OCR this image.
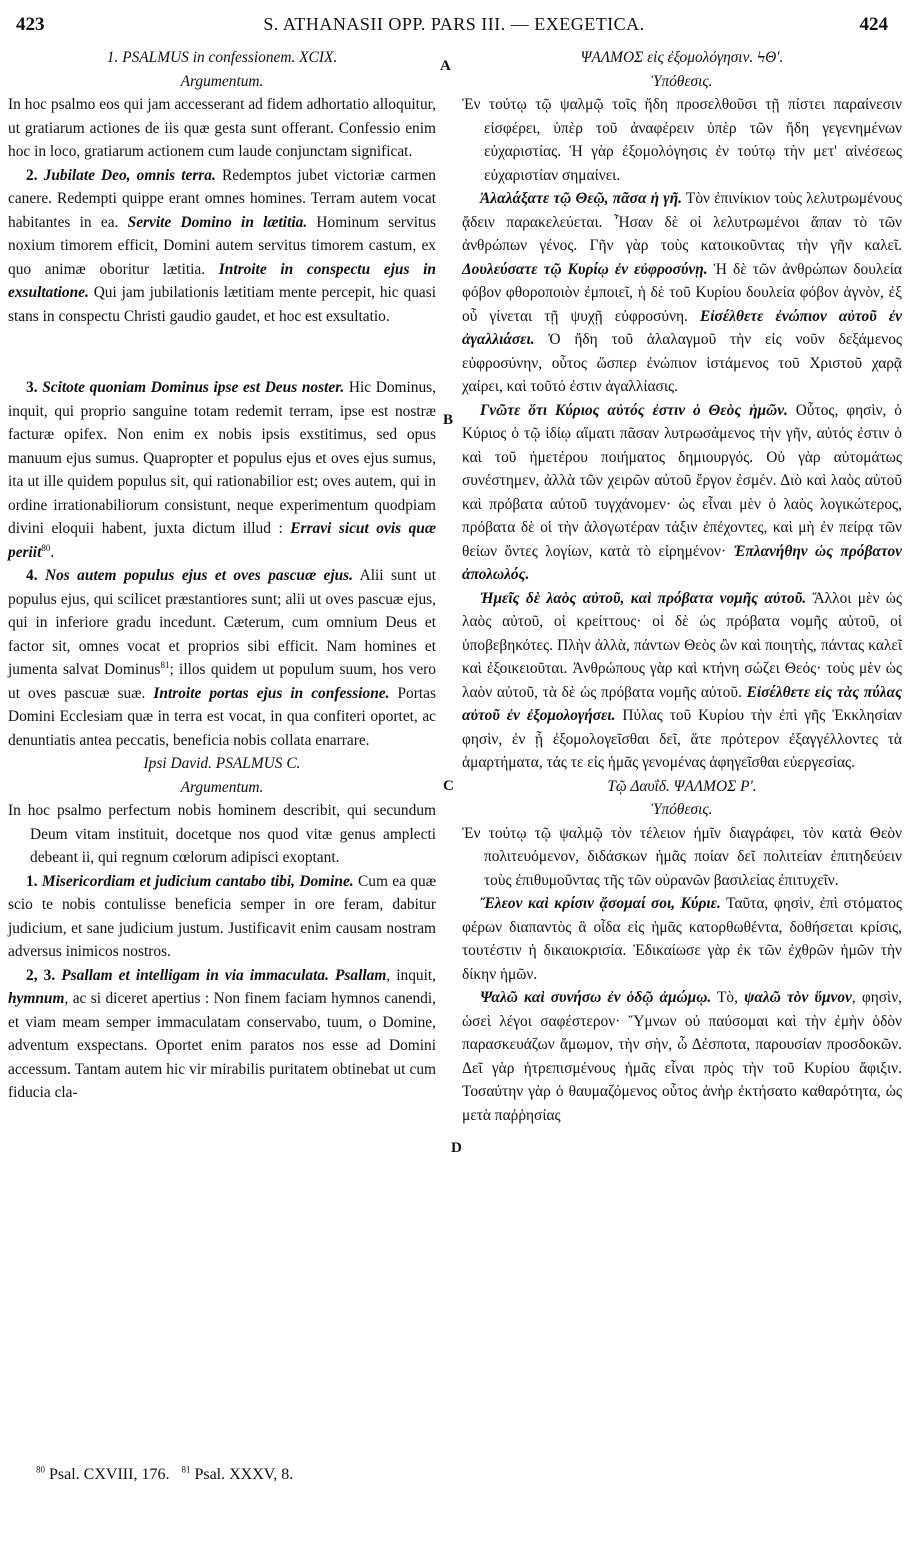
423	S. ATHANASII OPP. PARS III. — EXEGETICA.	424
A
B
C
D

1. PSALMUS in confessionem. XCIX.

Argumentum.

In hoc psalmo eos qui jam accesserant ad fidem adhortatio alloquitur, ut gratiarum actiones de iis quæ gesta sunt offerant. Confessio enim hoc in loco, gratiarum actionem cum laude conjunctam significat.

2. Jubilate Deo, omnis terra. Redemptos jubet victoriæ carmen canere. Redempti quippe erant omnes homines. Terram autem vocat habitantes in ea. Servite Domino in lætitia. Hominum servitus noxium timorem efficit, Domini autem servitus timorem castum, ex quo animæ oboritur lætitia. Introite in conspectu ejus in exsultatione. Qui jam jubilationis lætitiam mente percepit, hic quasi stans in conspectu Christi gaudio gaudet, et hoc est exsultatio.

3. Scitote quoniam Dominus ipse est Deus noster. Hic Dominus, inquit, qui proprio sanguine totam redemit terram, ipse est nostræ facturæ opifex. Non enim ex nobis ipsis exstitimus, sed opus manuum ejus sumus. Quapropter et populus ejus et oves ejus sumus, ita ut ille quidem populus sit, qui rationabilior est; oves autem, qui in ordine irrationabiliorum consistunt, neque experimentum quodpiam divini eloquii habent, juxta dictum illud : Erravi sicut ovis quæ periit$^{80}$.

4. Nos autem populus ejus et oves pascuæ ejus. Alii sunt ut populus ejus, qui scilicet præstantiores sunt; alii ut oves pascuæ ejus, qui in inferiore gradu incedunt. Cæterum, cum omnium Deus et factor sit, omnes vocat et proprios sibi efficit. Nam homines et jumenta salvat Dominus$^{81}$; illos quidem ut populum suum, hos vero ut oves pascuæ suæ. Introite portas ejus in confessione. Portas Domini Ecclesiam quæ in terra est vocat, in qua confiteri oportet, ac denuntiatis antea peccatis, beneficia nobis collata enarrare.

Ipsi David. PSALMUS C.

Argumentum.

In hoc psalmo perfectum nobis hominem describit, qui secundum Deum vitam instituit, docetque nos quod vitæ genus amplecti debeant ii, qui regnum cœlorum adipisci exoptant.

1. Misericordiam et judicium cantabo tibi, Domine. Cum ea quæ scio te nobis contulisse beneficia semper in ore feram, dabitur judicium, et sane judicium justum. Justificavit enim causam nostram adversus inimicos nostros.

2, 3. Psallam et intelligam in via immaculata. Psallam, inquit, hymnum, ac si diceret apertius : Non finem faciam hymnos canendi, et viam meam semper immaculatam conservabo, tuum, o Domine, adventum exspectans. Oportet enim paratos nos esse ad Domini accessum. Tantam autem hic vir mirabilis puritatem obtinebat ut cum fiducia cla-

ΨΑΛΜΟΣ εἰς ἐξομολόγησιν. ϞΘ'.

Ὑπόθεσις.

Ἐν τούτῳ τῷ ψαλμῷ τοῖς ἤδη προσελθοῦσι τῇ πίστει παραίνεσιν εἰσφέρει, ὑπὲρ τοῦ ἀναφέρειν ὑπὲρ τῶν ἤδη γεγενημένων εὐχαριστίας. Ἡ γὰρ ἐξομολόγησις ἐν τούτῳ τὴν μετ' αἰνέσεως εὐχαριστίαν σημαίνει.

Ἀλαλάξατε τῷ Θεῷ, πᾶσα ἡ γῆ. Τὸν ἐπινίκιον τοὺς λελυτρωμένους ᾄδειν παρακελεύεται. Ἦσαν δὲ οἱ λελυτρωμένοι ἅπαν τὸ τῶν ἀνθρώπων γένος. Γῆν γὰρ τοὺς κατοικοῦντας τὴν γῆν καλεῖ. Δουλεύσατε τῷ Κυρίῳ ἐν εὐφροσύνῃ. Ἡ δὲ τῶν ἀνθρώπων δουλεία φόβον φθοροποιὸν ἐμποιεῖ, ἡ δὲ τοῦ Κυρίου δουλεία φόβον ἁγνὸν, ἐξ οὗ γίνεται τῇ ψυχῇ εὐφροσύνη. Εἰσέλθετε ἐνώπιον αὐτοῦ ἐν ἀγαλλιάσει. Ὁ ἤδη τοῦ ἀλαλαγμοῦ τὴν εἰς νοῦν δεξάμενος εὐφροσύνην, οὗτος ὥσπερ ἐνώπιον ἱστάμενος τοῦ Χριστοῦ χαρᾷ χαίρει, καὶ τοῦτό ἐστιν ἀγαλλίασις.

Γνῶτε ὅτι Κύριος αὐτός ἐστιν ὁ Θεὸς ἡμῶν. Οὗτος, φησὶν, ὁ Κύριος ὁ τῷ ἰδίῳ αἵματι πᾶσαν λυτρωσάμενος τὴν γῆν, αὐτός ἐστιν ὁ καὶ τοῦ ἡμετέρου ποιήματος δημιουργός. Οὐ γὰρ αὐτομάτως συνέστημεν, ἀλλὰ τῶν χειρῶν αὐτοῦ ἔργον ἐσμέν. Διὸ καὶ λαὸς αὐτοῦ καὶ πρόβατα αὐτοῦ τυγχάνομεν· ὡς εἶναι μὲν ὁ λαὸς λογικώτερος, πρόβατα δὲ οἱ τὴν ἀλογωτέραν τάξιν ἐπέχοντες, καὶ μὴ ἐν πείρᾳ τῶν θείων ὄντες λογίων, κατὰ τὸ εἰρημένον· Ἐπλανήθην ὡς πρόβατον ἀπολωλός.

Ἡμεῖς δὲ λαὸς αὐτοῦ, καὶ πρόβατα νομῆς αὐτοῦ. Ἄλλοι μὲν ὡς λαὸς αὐτοῦ, οἱ κρείττους· οἱ δὲ ὡς πρόβατα νομῆς αὐτοῦ, οἱ ὑποβεβηκότες. Πλὴν ἀλλὰ, πάντων Θεὸς ὢν καὶ ποιητὴς, πάντας καλεῖ καὶ ἐξοικειοῦται. Ἀνθρώπους γὰρ καὶ κτήνη σώζει Θεός· τοὺς μὲν ὡς λαὸν αὐτοῦ, τὰ δὲ ὡς πρόβατα νομῆς αὐτοῦ. Εἰσέλθετε εἰς τὰς πύλας αὐτοῦ ἐν ἐξομολογήσει. Πύλας τοῦ Κυρίου τὴν ἐπὶ γῆς Ἐκκλησίαν φησὶν, ἐν ᾗ ἐξομολογεῖσθαι δεῖ, ἅτε πρότερον ἐξαγγέλλοντες τὰ ἁμαρτήματα, τάς τε εἰς ἡμᾶς γενομένας ἀφηγεῖσθαι εὐεργεσίας.

Τῷ Δαυΐδ. ΨΑΛΜΟΣ Ρ'.

Ὑπόθεσις.

Ἐν τούτῳ τῷ ψαλμῷ τὸν τέλειον ἡμῖν διαγράφει, τὸν κατὰ Θεὸν πολιτευόμενον, διδάσκων ἡμᾶς ποίαν δεῖ πολιτείαν ἐπιτηδεύειν τοὺς ἐπιθυμοῦντας τῆς τῶν οὐρανῶν βασιλείας ἐπιτυχεῖν.

Ἔλεον καὶ κρίσιν ᾄσομαί σοι, Κύριε. Ταῦτα, φησὶν, ἐπὶ στόματος φέρων διαπαντὸς ἃ οἶδα εἰς ἡμᾶς κατορθωθέντα, δοθήσεται κρίσις, τουτέστιν ἡ δικαιοκρισία. Ἐδικαίωσε γὰρ ἐκ τῶν ἐχθρῶν ἡμῶν τὴν δίκην ἡμῶν.

Ψαλῶ καὶ συνήσω ἐν ὁδῷ ἀμώμῳ. Τὸ, ψαλῶ τὸν ὕμνον, φησὶν, ὡσεὶ λέγοι σαφέστερον· Ὕμνων οὐ παύσομαι καὶ τὴν ἐμὴν ὁδὸν παρασκευάζων ἄμωμον, τὴν σὴν, ὦ Δέσποτα, παρουσίαν προσδοκῶν. Δεῖ γὰρ ἡτρεπισμένους ἡμᾶς εἶναι πρὸς τὴν τοῦ Κυρίου ἄφιξιν. Τοσαύτην γὰρ ὁ θαυμαζόμενος οὗτος ἀνὴρ ἐκτήσατο καθαρότητα, ὡς μετὰ παῤῥησίας

$^{80}$ Psal. CXVIII, 176. $^{81}$ Psal. XXXV, 8.
